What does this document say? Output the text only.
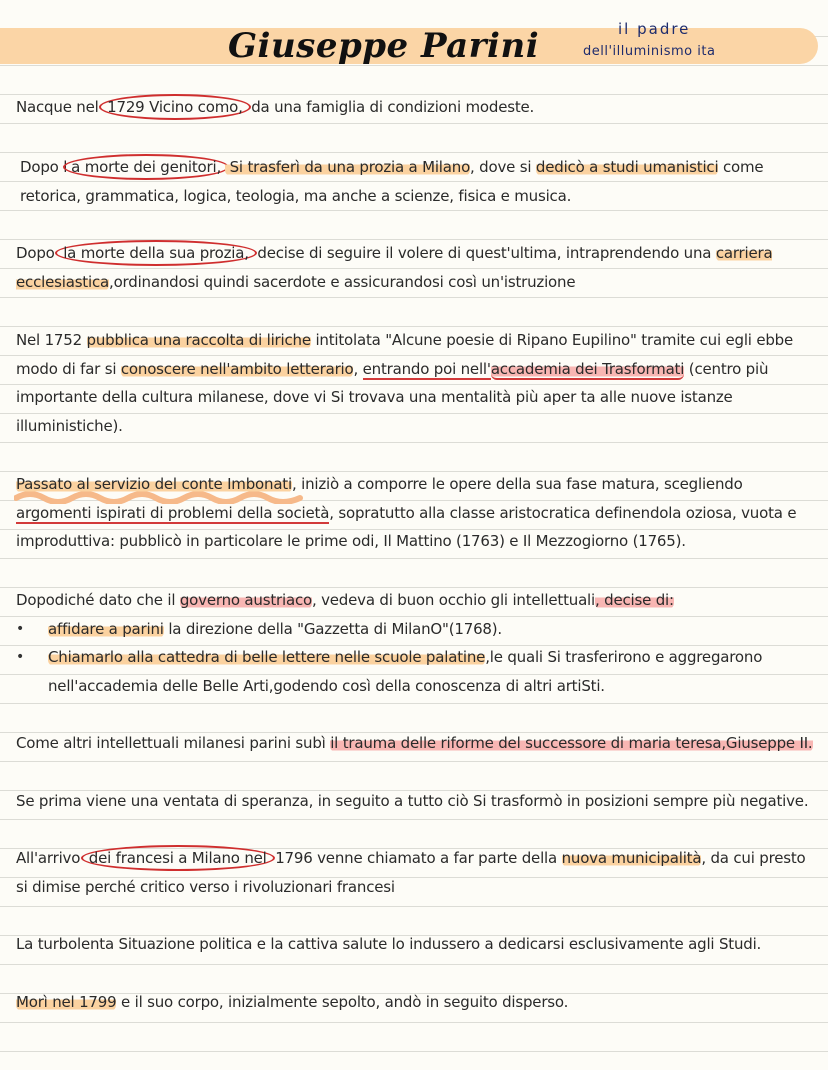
Giuseppe Parini	il padre
dell'illuminismo ita

Nacque nel 1729 Vicino como, da una famiglia di condizioni modeste.

Dopo l a morte dei genitori, Si trasferì da una prozia a Milano, dove si dedicò a studi umanistici come retorica, grammatica, logica, teologia, ma anche a scienze, fisica e musica.

Dopo la morte della sua prozia, decise di seguire il volere di quest'ultima, intraprendendo una carriera ecclesiastica,ordinandosi quindi sacerdote e assicurandosi così un'istruzione

Nel 1752 pubblica una raccolta di liriche intitolata "Alcune poesie di Ripano Eupilino" tramite cui egli ebbe modo di far si conoscere nell'ambito letterario, entrando poi nell'accademia dei Trasformati (centro più importante della cultura milanese, dove vi Si trovava una mentalità più aper ta alle nuove istanze illuministiche).

Passato al servizio del conte Imbonati, iniziò a comporre le opere della sua fase matura, scegliendo argomenti ispirati di problemi della società, sopratutto alla classe aristocratica definendola oziosa, vuota e improduttiva: pubblicò in particolare le prime odi, Il Mattino (1763) e Il Mezzogiorno (1765).

Dopodiché dato che il governo austriaco, vedeva di buon occhio gli intellettuali, decise di:
• affidare a parini la direzione della "Gazzetta di MilanO"(1768).
• Chiamarlo alla cattedra di belle lettere nelle scuole palatine,le quali Si trasferirono e aggregarono nell'accademia delle Belle Arti,godendo così della conoscenza di altri artiSti.

Come altri intellettuali milanesi parini subì il trauma delle riforme del successore di maria teresa,Giuseppe II.

Se prima viene una ventata di speranza, in seguito a tutto ciò Si trasformò in posizioni sempre più negative.

All'arrivo dei francesi a Milano nel 1796 venne chiamato a far parte della nuova municipalità, da cui presto si dimise perché critico verso i rivoluzionari francesi

La turbolenta Situazione politica e la cattiva salute lo indussero a dedicarsi esclusivamente agli Studi.

Morì nel 1799 e il suo corpo, inizialmente sepolto, andò in seguito disperso.
